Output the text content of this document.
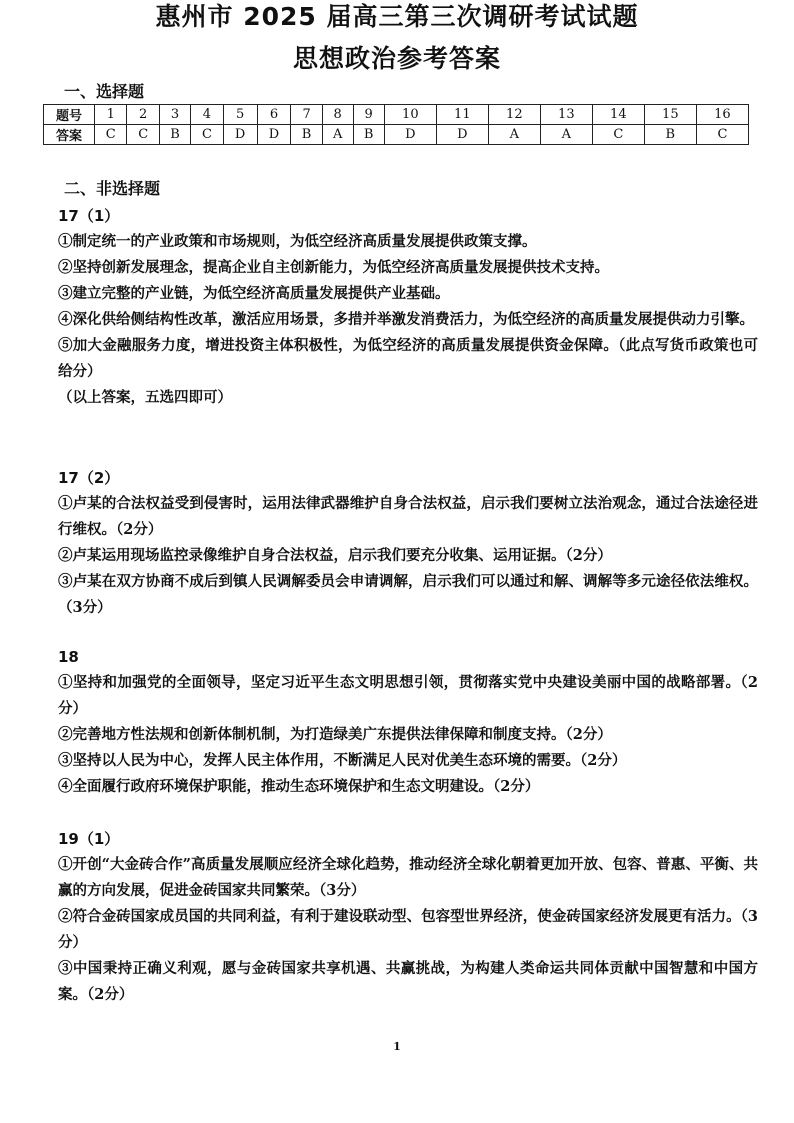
惠州市 2025 届高三第三次调研考试试题
思想政治参考答案
一、选择题
题号	1	2	3	4	5	6	7	8	9	10	11	12	13	14	15	16
答案	C	C	B	C	D	D	B	A	B	D	D	A	A	C	B	C
二、非选择题
17（1）

①制定统一的产业政策和市场规则，为低空经济高质量发展提供政策支撑。

②坚持创新发展理念，提高企业自主创新能力，为低空经济高质量发展提供技术支持。

③建立完整的产业链，为低空经济高质量发展提供产业基础。

④深化供给侧结构性改革，激活应用场景，多措并举激发消费活力，为低空经济的高质量发展提供动力引擎。

⑤加大金融服务力度，增进投资主体积极性，为低空经济的高质量发展提供资金保障。（此点写货币政策也可给分）

（以上答案，五选四即可）

17（2）

①卢某的合法权益受到侵害时，运用法律武器维护自身合法权益，启示我们要树立法治观念，通过合法途径进行维权。（2分）

②卢某运用现场监控录像维护自身合法权益，启示我们要充分收集、运用证据。（2分）

③卢某在双方协商不成后到镇人民调解委员会申请调解，启示我们可以通过和解、调解等多元途径依法维权。（3分）

18

①坚持和加强党的全面领导，坚定习近平生态文明思想引领，贯彻落实党中央建设美丽中国的战略部署。（2分）

②完善地方性法规和创新体制机制，为打造绿美广东提供法律保障和制度支持。（2分）

③坚持以人民为中心，发挥人民主体作用，不断满足人民对优美生态环境的需要。（2分）

④全面履行政府环境保护职能，推动生态环境保护和生态文明建设。（2分）

19（1）

①开创“大金砖合作”高质量发展顺应经济全球化趋势，推动经济全球化朝着更加开放、包容、普惠、平衡、共赢的方向发展，促进金砖国家共同繁荣。（3分）

②符合金砖国家成员国的共同利益，有利于建设联动型、包容型世界经济，使金砖国家经济发展更有活力。（3分）

③中国秉持正确义利观，愿与金砖国家共享机遇、共赢挑战，为构建人类命运共同体贡献中国智慧和中国方案。（2分）

1
